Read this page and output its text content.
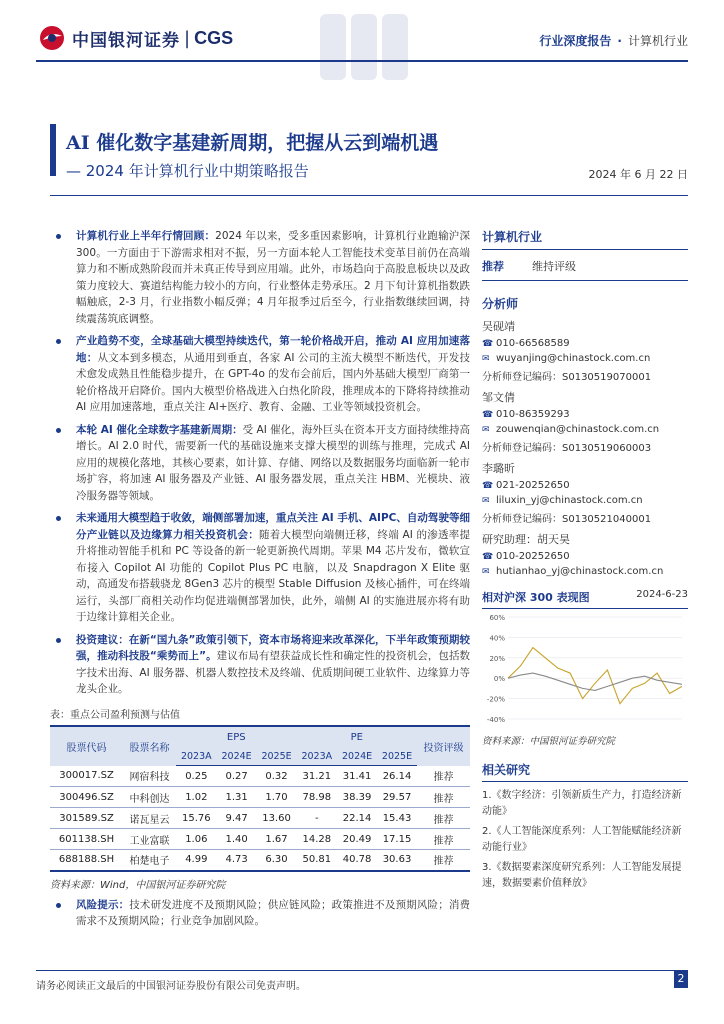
中国银河证券 | CGS	行业深度报告 · 计算机行业
AI 催化数字基建新周期，把握从云到端机遇
— 2024 年计算机行业中期策略报告	2024 年 6 月 22 日
计算机行业上半年行情回顾：2024 年以来，受多重因素影响，计算机行业跑输沪深 300。一方面由于下游需求相对不振，另一方面本轮人工智能技术变革目前仍在高端算力和不断成熟阶段而并未真正传导到应用端。此外，市场趋向于高股息板块以及政策力度较大、赛道结构能力较小的方向，行业整体走势承压。2 月下旬计算机指数跌幅触底，2-3 月，行业指数小幅反弹；4 月年报季过后至今，行业指数继续回调，持续震荡筑底调整。
产业趋势不变，全球基础大模型持续迭代，第一轮价格战开启，推动 AI 应用加速落地：从文本到多模态，从通用到垂直，各家 AI 公司的主流大模型不断迭代，开发技术愈发成熟且性能稳步提升，在 GPT-4o 的发布会前后，国内外基础大模型厂商第一轮价格战开启降价。国内大模型价格战进入白热化阶段，推理成本的下降将持续推动 AI 应用加速落地，重点关注 AI+医疗、教育、金融、工业等领域投资机会。
本轮 AI 催化全球数字基建新周期：受 AI 催化，海外巨头在资本开支方面持续维持高增长。AI 2.0 时代，需要新一代的基础设施来支撑大模型的训练与推理，完成式 AI 应用的规模化落地，其核心要素，如计算、存储、网络以及数据服务均面临新一轮市场扩容，将加速 AI 服务器及产业链、AI 服务器发展，重点关注 HBM、光模块、液冷服务器等领域。
未来通用大模型趋于收敛，端侧部署加速，重点关注 AI 手机、AIPC、自动驾驶等细分产业链以及边缘算力相关投资机会：随着大模型向端侧迁移，终端 AI 的渗透率提升将推动智能手机和 PC 等设备的新一轮更新换代周期。苹果 M4 芯片发布，微软宣布接入 Copilot AI 功能的 Copilot Plus PC 电脑，以及 Snapdragon X Elite 驱动，高通发布搭载骁龙 8Gen3 芯片的模型 Stable Diffusion 及核心插件，可在终端运行，头部厂商相关动作均促进端侧部署加快，此外，端侧 AI 的实施进展亦将有助于边缘计算相关企业。
投资建议：在新“国九条”政策引领下，资本市场将迎来改革深化，下半年政策预期较强，推动科技股“乘势而上”。建议布局有望获益成长性和确定性的投资机会，包括数字技术出海、AI 服务器、机器人数控技术及终端、优质期间硬工业软件、边缘算力等龙头企业。
表：重点公司盈利预测与估值
股票代码	股票名称	EPS			PE			投资评级
		2023A	2024E	2025E	2023A	2024E	2025E	
300017.SZ	网宿科技	0.25	0.27	0.32	31.21	31.41	26.14	推荐
300496.SZ	中科创达	1.02	1.31	1.70	78.98	38.39	29.57	推荐
301589.SZ	诺瓦星云	15.76	9.47	13.60	-	22.14	15.43	推荐
601138.SH	工业富联	1.06	1.40	1.67	14.28	20.49	17.15	推荐
688188.SH	柏楚电子	4.99	4.73	6.30	50.81	40.78	30.63	推荐
资料来源：Wind，中国银河证券研究院
风险提示：技术研发进度不及预期风险；供应链风险；政策推进不及预期风险；消费需求不及预期风险；行业竞争加剧风险。
计算机行业
推荐	维持评级
分析师
吴砚靖
☎ 010-66568589
✉ wuyanjing@chinastock.com.cn
分析师登记编码：S0130519070001
邹文倩
☎ 010-86359293
✉ zouwenqian@chinastock.com.cn
分析师登记编码：S0130519060003
李璐昕
☎ 021-20252650
✉ liluxin_yj@chinastock.com.cn
分析师登记编码：S0130521040001
研究助理：胡天昊
☎ 010-20252650
✉ hutianhao_yj@chinastock.com.cn
相对沪深 300 表现图	2024-6-23
60%
40%
20%
0%
-20%
-40%
资料来源：中国银河证券研究院
相关研究
1.《数字经济：引领新质生产力，打造经济新动能》
2.《人工智能深度系列：人工智能赋能经济新动能行业》
3.《数据要素深度研究系列：人工智能发展提速，数据要素价值释放》
请务必阅读正文最后的中国银河证券股份有限公司免责声明。
2
